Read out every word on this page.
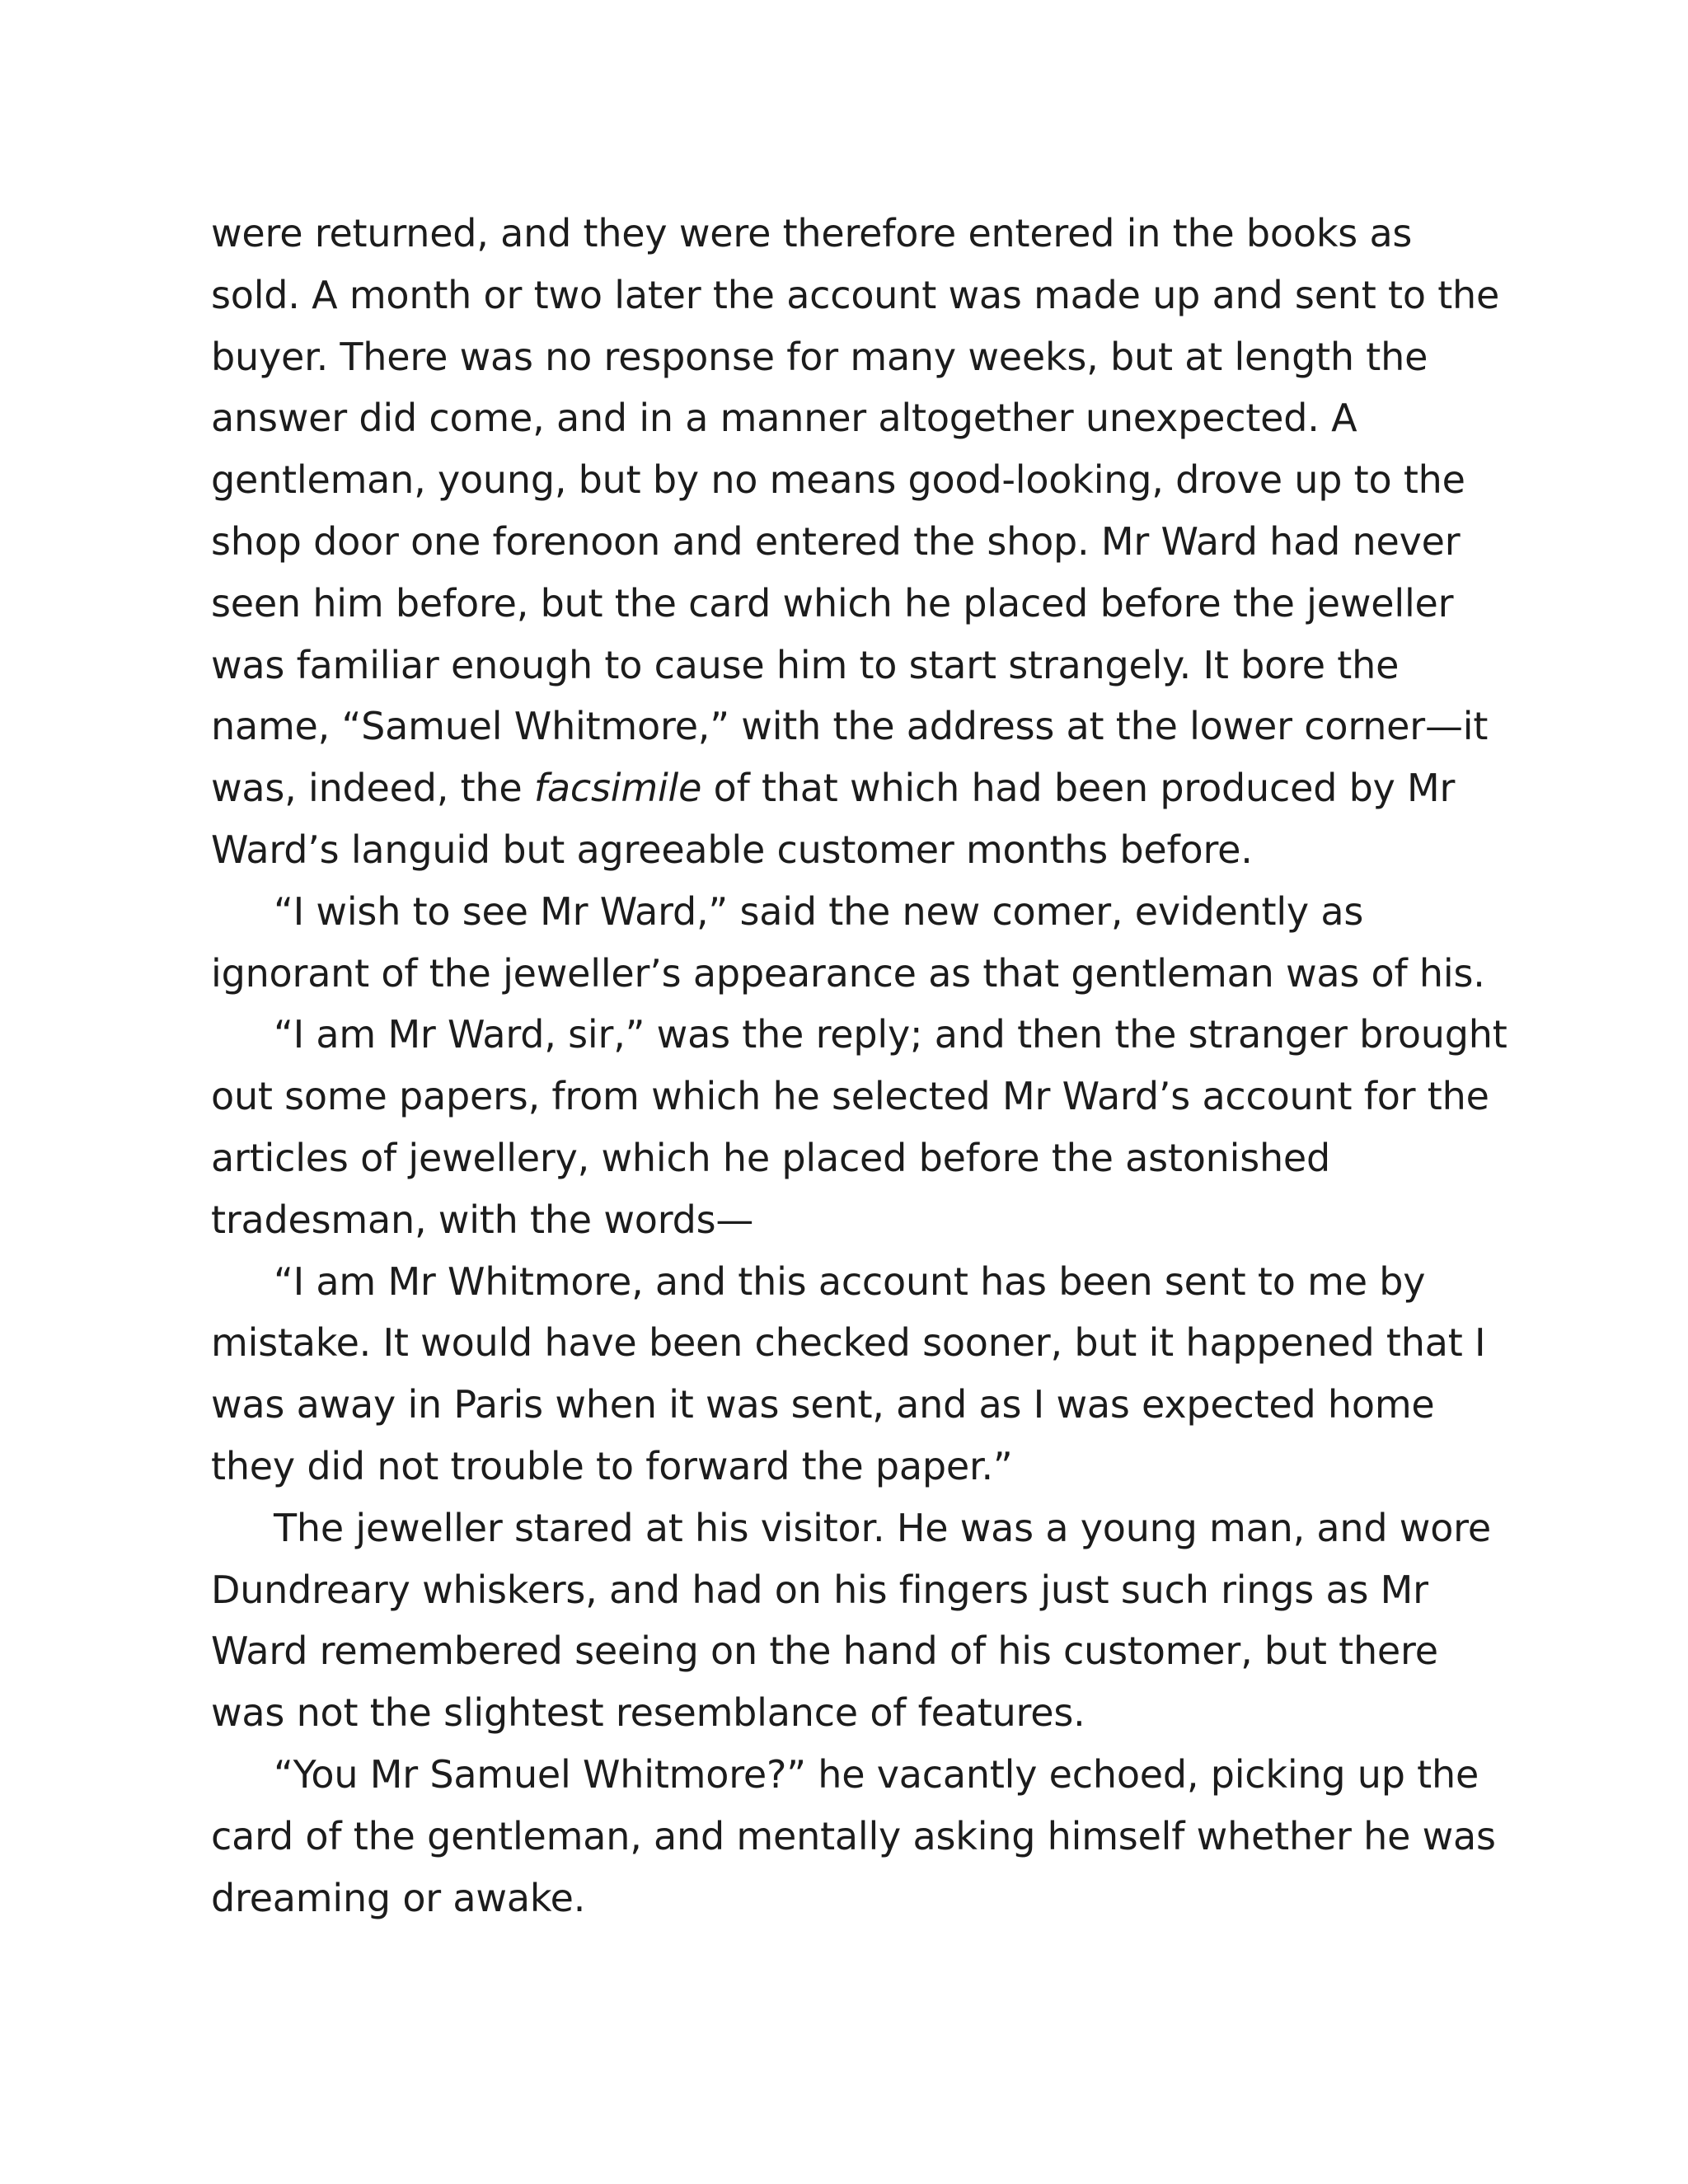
were returned, and they were therefore entered in the books as
sold. A month or two later the account was made up and sent to the
buyer. There was no response for many weeks, but at length the
answer did come, and in a manner altogether unexpected. A
gentleman, young, but by no means good-looking, drove up to the
shop door one forenoon and entered the shop. Mr Ward had never
seen him before, but the card which he placed before the jeweller
was familiar enough to cause him to start strangely. It bore the
name, “Samuel Whitmore,” with the address at the lower corner—it
was, indeed, the facsimile of that which had been produced by Mr
Ward’s languid but agreeable customer months before.
“I wish to see Mr Ward,” said the new comer, evidently as
ignorant of the jeweller’s appearance as that gentleman was of his.
“I am Mr Ward, sir,” was the reply; and then the stranger brought
out some papers, from which he selected Mr Ward’s account for the
articles of jewellery, which he placed before the astonished
tradesman, with the words—
“I am Mr Whitmore, and this account has been sent to me by
mistake. It would have been checked sooner, but it happened that I
was away in Paris when it was sent, and as I was expected home
they did not trouble to forward the paper.”
The jeweller stared at his visitor. He was a young man, and wore
Dundreary whiskers, and had on his fingers just such rings as Mr
Ward remembered seeing on the hand of his customer, but there
was not the slightest resemblance of features.
“You Mr Samuel Whitmore?” he vacantly echoed, picking up the
card of the gentleman, and mentally asking himself whether he was
dreaming or awake.
